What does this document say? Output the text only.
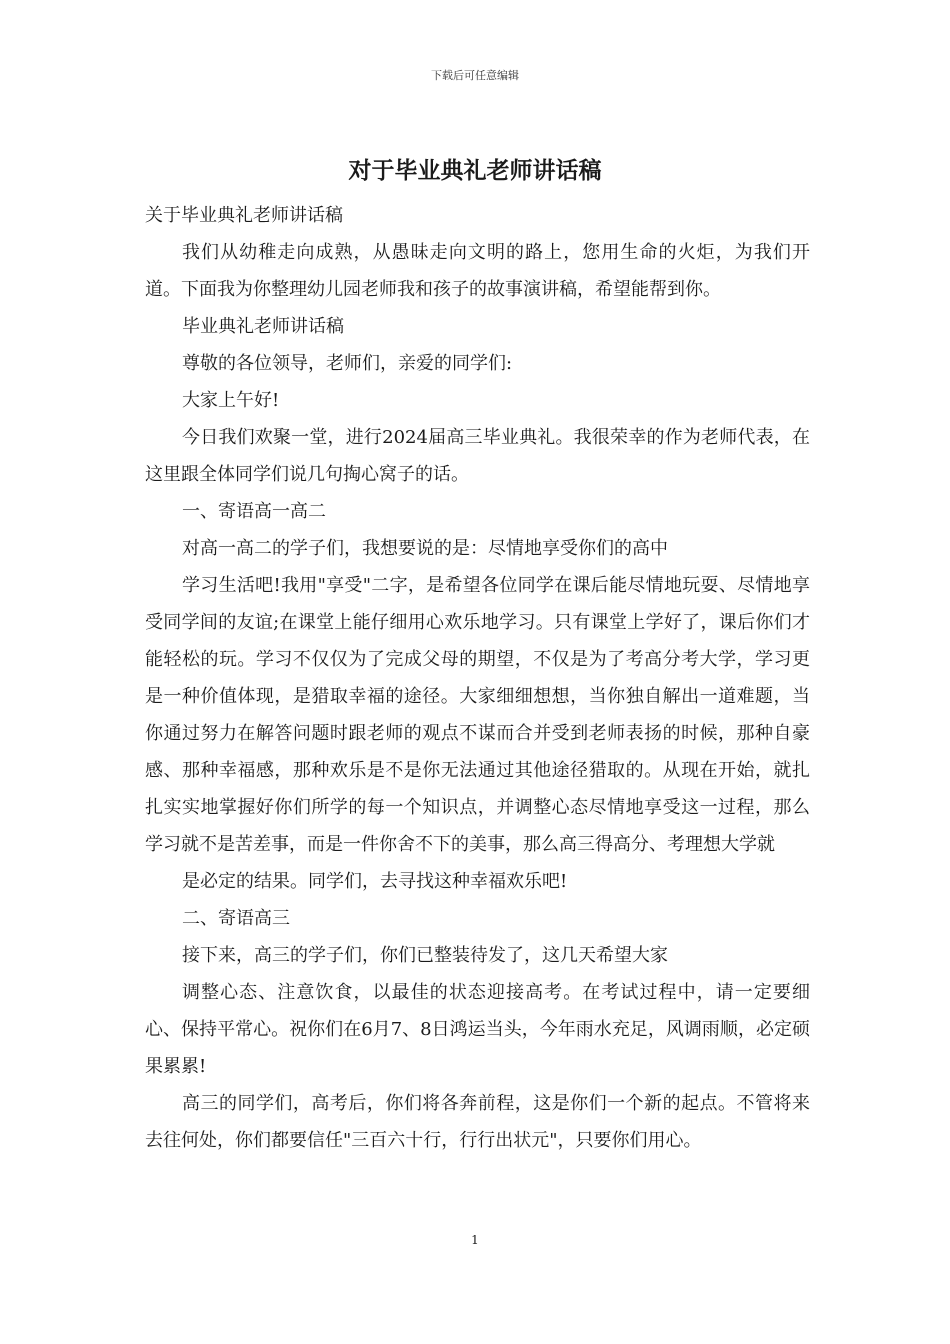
下载后可任意编辑
对于毕业典礼老师讲话稿

关于毕业典礼老师讲话稿

我们从幼稚走向成熟，从愚昧走向文明的路上，您用生命的火炬，为我们开道。下面我为你整理幼儿园老师我和孩子的故事演讲稿，希望能帮到你。

毕业典礼老师讲话稿

尊敬的各位领导，老师们，亲爱的同学们:

大家上午好!

今日我们欢聚一堂，进行2024届高三毕业典礼。我很荣幸的作为老师代表，在这里跟全体同学们说几句掏心窝子的话。

一、寄语高一高二

对高一高二的学子们，我想要说的是：尽情地享受你们的高中

学习生活吧!我用"享受"二字，是希望各位同学在课后能尽情地玩耍、尽情地享受同学间的友谊;在课堂上能仔细用心欢乐地学习。只有课堂上学好了，课后你们才能轻松的玩。学习不仅仅为了完成父母的期望，不仅是为了考高分考大学，学习更是一种价值体现，是猎取幸福的途径。大家细细想想，当你独自解出一道难题，当你通过努力在解答问题时跟老师的观点不谋而合并受到老师表扬的时候，那种自豪感、那种幸福感，那种欢乐是不是你无法通过其他途径猎取的。从现在开始，就扎扎实实地掌握好你们所学的每一个知识点，并调整心态尽情地享受这一过程，那么学习就不是苦差事，而是一件你舍不下的美事，那么高三得高分、考理想大学就

是必定的结果。同学们，去寻找这种幸福欢乐吧!

二、寄语高三

接下来，高三的学子们，你们已整装待发了，这几天希望大家

调整心态、注意饮食，以最佳的状态迎接高考。在考试过程中，请一定要细心、保持平常心。祝你们在6月7、8日鸿运当头，今年雨水充足，风调雨顺，必定硕果累累!

高三的同学们，高考后，你们将各奔前程，这是你们一个新的起点。不管将来去往何处，你们都要信任"三百六十行，行行出状元"，只要你们用心。

1
